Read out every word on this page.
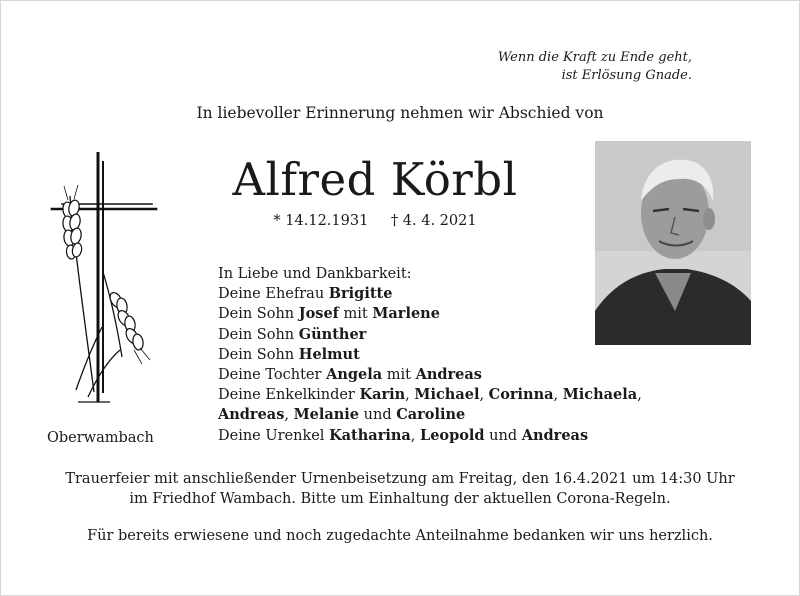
Wenn die Kraft zu Ende geht,
ist Erlösung Gnade.
In liebevoller Erinnerung nehmen wir Abschied von
Alfred Körbl
* 14.12.1931 † 4. 4. 2021
Oberwambach
In Liebe und Dankbarkeit:
Deine Ehefrau Brigitte
Dein Sohn Josef mit Marlene
Dein Sohn Günther
Dein Sohn Helmut
Deine Tochter Angela mit Andreas
Deine Enkelkinder Karin, Michael, Corinna, Michaela,
Andreas, Melanie und Caroline
Deine Urenkel Katharina, Leopold und Andreas
Trauerfeier mit anschließender Urnenbeisetzung am Freitag, den 16.4.2021 um 14:30 Uhr
im Friedhof Wambach. Bitte um Einhaltung der aktuellen Corona-Regeln.
Für bereits erwiesene und noch zugedachte Anteilnahme bedanken wir uns herzlich.
